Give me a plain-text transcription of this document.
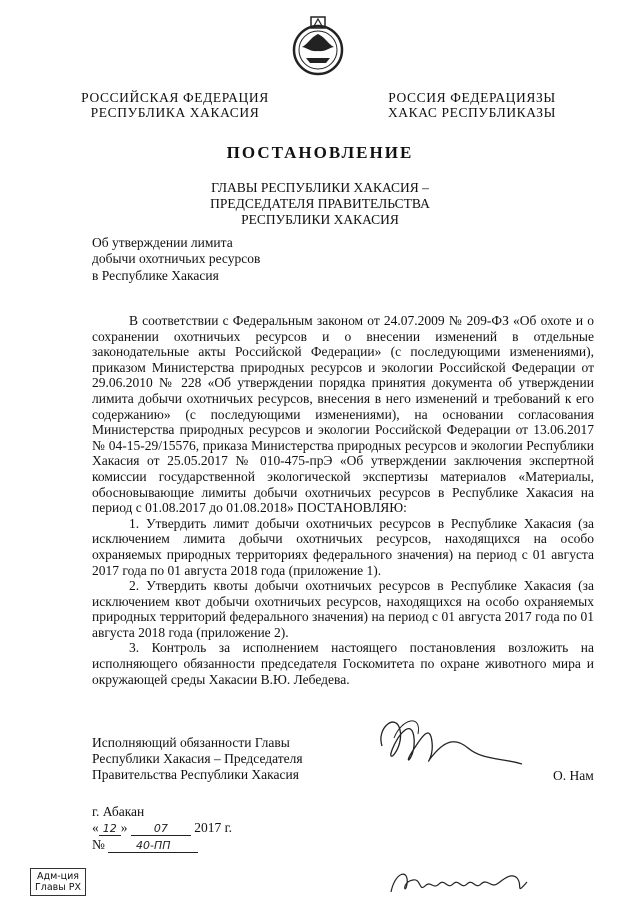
РОССИЙСКАЯ ФЕДЕРАЦИЯ
РЕСПУБЛИКА ХАКАСИЯ
РОССИЯ ФЕДЕРАЦИЯЗЫ
ХАКАС РЕСПУБЛИКАЗЫ
ПОСТАНОВЛЕНИЕ
ГЛАВЫ РЕСПУБЛИКИ ХАКАСИЯ –
ПРЕДСЕДАТЕЛЯ ПРАВИТЕЛЬСТВА
РЕСПУБЛИКИ ХАКАСИЯ
Об утверждении лимита
добычи охотничьих ресурсов
в Республике Хакасия

В соответствии с Федеральным законом от 24.07.2009 № 209-ФЗ «Об охоте и о сохранении охотничьих ресурсов и о внесении изменений в отдельные законодательные акты Российской Федерации» (с последующими изменениями), приказом Министерства природных ресурсов и экологии Российской Федерации от 29.06.2010 № 228 «Об утверждении порядка принятия документа об утверждении лимита добычи охотничьих ресурсов, внесения в него изменений и требований к его содержанию» (с последующими изменениями), на основании согласования Министерства природных ресурсов и экологии Российской Федерации от 13.06.2017 № 04-15-29/15576, приказа Министерства природных ресурсов и экологии Республики Хакасия от 25.05.2017 № 010-475-прЭ «Об утверждении заключения экспертной комиссии государственной экологической экспертизы материалов «Материалы, обосновывающие лимиты добычи охотничьих ресурсов в Республике Хакасия на период с 01.08.2017 до 01.08.2018» ПОСТАНОВЛЯЮ:

1. Утвердить лимит добычи охотничьих ресурсов в Республике Хакасия (за исключением лимита добычи охотничьих ресурсов, находящихся на особо охраняемых природных территориях федерального значения) на период с 01 августа 2017 года по 01 августа 2018 года (приложение 1).

2. Утвердить квоты добычи охотничьих ресурсов в Республике Хакасия (за исключением квот добычи охотничьих ресурсов, находящихся на особо охраняемых природных территорий федерального значения) на период с 01 августа 2017 года по 01 августа 2018 года (приложение 2).

3. Контроль за исполнением настоящего постановления возложить на исполняющего обязанности председателя Госкомитета по охране животного мира и окружающей среды Хакасии В.Ю. Лебедева.

Исполняющий обязанности Главы
Республики Хакасия – Председателя
Правительства Республики Хакасия	О. Нам
г. Абакан
« 12 » 07 2017 г.
№	40-ПП
Адм-ция
Главы РХ
